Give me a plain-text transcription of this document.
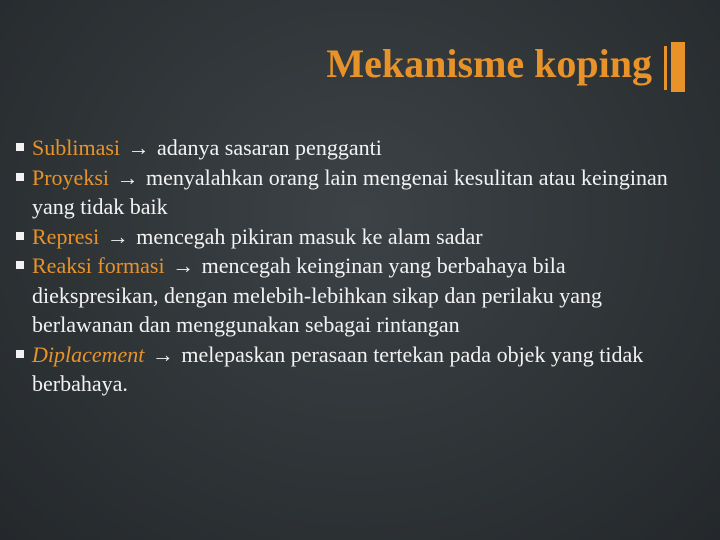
Mekanisme koping
Sublimasi → adanya sasaran pengganti
Proyeksi → menyalahkan orang lain mengenai kesulitan atau keinginan yang tidak baik
Represi → mencegah pikiran masuk ke alam sadar
Reaksi formasi → mencegah keinginan yang berbahaya bila diekspresikan, dengan melebih-lebihkan sikap dan perilaku yang berlawanan dan menggunakan sebagai rintangan
Diplacement → melepaskan perasaan tertekan pada objek yang tidak berbahaya.
